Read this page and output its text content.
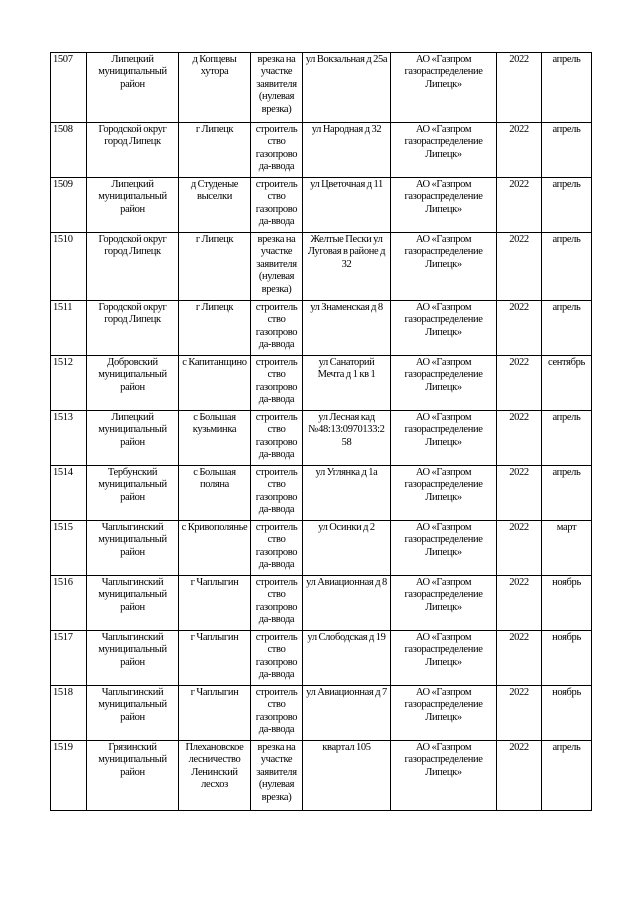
1507	Липецкий муниципальный район	д Копцевы хутора	врезка на участке заявителя (нулевая врезка)	ул Вокзальная д 25а	АО «Газпром газораспределение Липецк»	2022	апрель
1508	Городской округ город Липецк	г Липецк	строитель ство газопрово да-ввода	ул Народная д 32	АО «Газпром газораспределение Липецк»	2022	апрель
1509	Липецкий муниципальный район	д Студеные выселки	строитель ство газопрово да-ввода	ул Цветочная д 11	АО «Газпром газораспределение Липецк»	2022	апрель
1510	Городской округ город Липецк	г Липецк	врезка на участке заявителя (нулевая врезка)	Желтые Пески ул Луговая в районе д 32	АО «Газпром газораспределение Липецк»	2022	апрель
1511	Городской округ город Липецк	г Липецк	строитель ство газопрово да-ввода	ул Знаменская д 8	АО «Газпром газораспределение Липецк»	2022	апрель
1512	Добровский муниципальный район	с Капитанщино	строитель ство газопрово да-ввода	ул Санаторий Мечта д 1 кв 1	АО «Газпром газораспределение Липецк»	2022	сентябрь
1513	Липецкий муниципальный район	с Большая кузьминка	строитель ство газопрово да-ввода	ул Лесная кад №48:13:0970133:2 58	АО «Газпром газораспределение Липецк»	2022	апрель
1514	Тербунский муниципальный район	с Большая поляна	строитель ство газопрово да-ввода	ул Углянка д 1а	АО «Газпром газораспределение Липецк»	2022	апрель
1515	Чаплыгинский муниципальный район	с Кривополянье	строитель ство газопрово да-ввода	ул Осинки д 2	АО «Газпром газораспределение Липецк»	2022	март
1516	Чаплыгинский муниципальный район	г Чаплыгин	строитель ство газопрово да-ввода	ул Авиационная д 8	АО «Газпром газораспределение Липецк»	2022	ноябрь
1517	Чаплыгинский муниципальный район	г Чаплыгин	строитель ство газопрово да-ввода	ул Слободская д 19	АО «Газпром газораспределение Липецк»	2022	ноябрь
1518	Чаплыгинский муниципальный район	г Чаплыгин	строитель ство газопрово да-ввода	ул Авиационная д 7	АО «Газпром газораспределение Липецк»	2022	ноябрь
1519	Грязинский муниципальный район	Плехановское лесничество Ленинский лесхоз	врезка на участке заявителя (нулевая врезка)	квартал 105	АО «Газпром газораспределение Липецк»	2022	апрель
